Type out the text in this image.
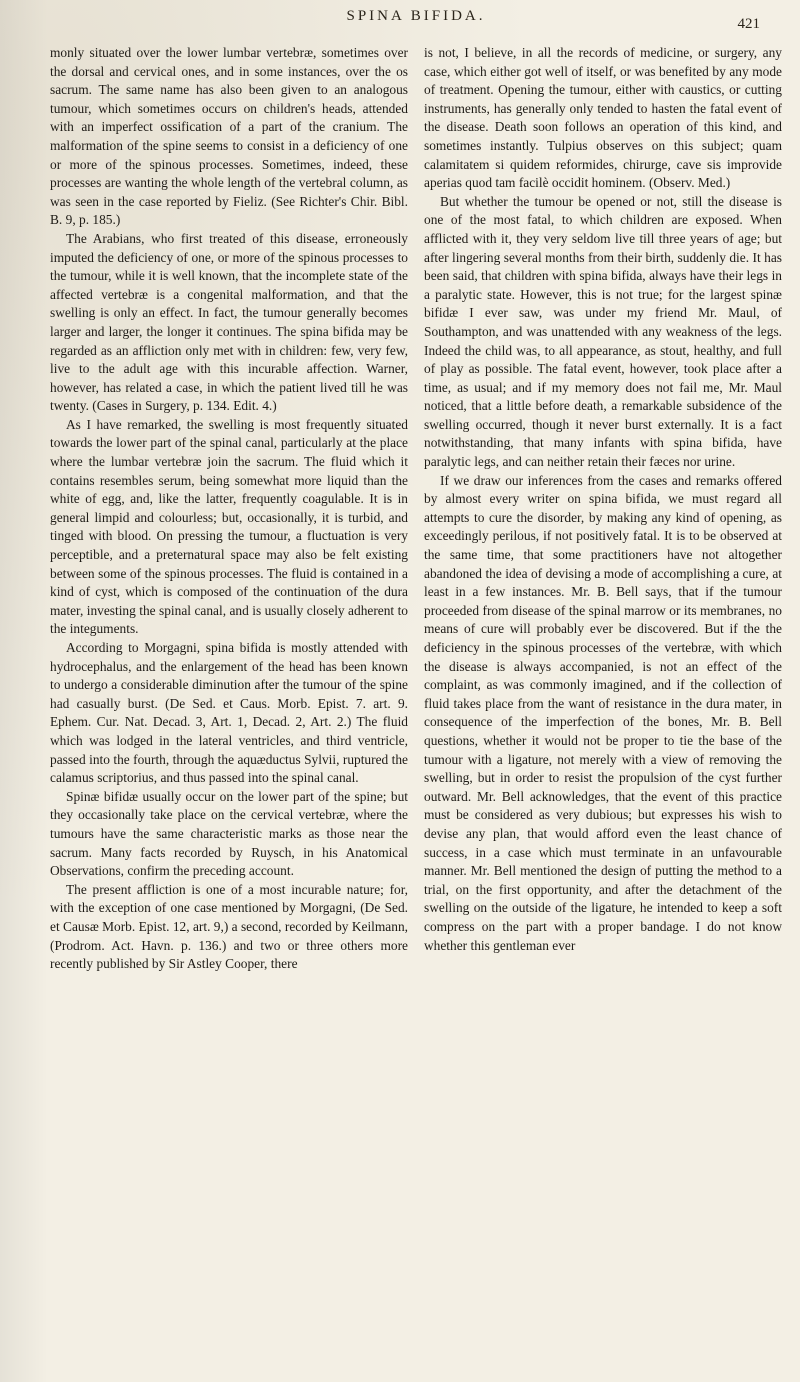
SPINA BIFIDA.	421

monly situated over the lower lumbar vertebræ, sometimes over the dorsal and cervical ones, and in some instances, over the os sacrum. The same name has also been given to an analogous tumour, which sometimes occurs on children's heads, attended with an imperfect ossification of a part of the cranium. The malformation of the spine seems to consist in a deficiency of one or more of the spinous processes. Sometimes, indeed, these processes are wanting the whole length of the vertebral column, as was seen in the case reported by Fieliz. (See Richter's Chir. Bibl. B. 9, p. 185.)

The Arabians, who first treated of this disease, erroneously imputed the deficiency of one, or more of the spinous processes to the tumour, while it is well known, that the incomplete state of the affected vertebræ is a congenital malformation, and that the swelling is only an effect. In fact, the tumour generally becomes larger and larger, the longer it continues. The spina bifida may be regarded as an affliction only met with in children: few, very few, live to the adult age with this incurable affection. Warner, however, has related a case, in which the patient lived till he was twenty. (Cases in Surgery, p. 134. Edit. 4.)

As I have remarked, the swelling is most frequently situated towards the lower part of the spinal canal, particularly at the place where the lumbar vertebræ join the sacrum. The fluid which it contains resembles serum, being somewhat more liquid than the white of egg, and, like the latter, frequently coagulable. It is in general limpid and colourless; but, occasionally, it is turbid, and tinged with blood. On pressing the tumour, a fluctuation is very perceptible, and a preternatural space may also be felt existing between some of the spinous processes. The fluid is contained in a kind of cyst, which is composed of the continuation of the dura mater, investing the spinal canal, and is usually closely adherent to the integuments.

According to Morgagni, spina bifida is mostly attended with hydrocephalus, and the enlargement of the head has been known to undergo a considerable diminution after the tumour of the spine had casually burst. (De Sed. et Caus. Morb. Epist. 7. art. 9. Ephem. Cur. Nat. Decad. 3, Art. 1, Decad. 2, Art. 2.) The fluid which was lodged in the lateral ventricles, and third ventricle, passed into the fourth, through the aquæductus Sylvii, ruptured the calamus scriptorius, and thus passed into the spinal canal.

Spinæ bifidæ usually occur on the lower part of the spine; but they occasionally take place on the cervical vertebræ, where the tumours have the same characteristic marks as those near the sacrum. Many facts recorded by Ruysch, in his Anatomical Observations, confirm the preceding account.

The present affliction is one of a most incurable nature; for, with the exception of one case mentioned by Morgagni, (De Sed. et Causæ Morb. Epist. 12, art. 9,) a second, recorded by Keilmann, (Prodrom. Act. Havn. p. 136.) and two or three others more recently published by Sir Astley Cooper, there

is not, I believe, in all the records of medicine, or surgery, any case, which either got well of itself, or was benefited by any mode of treatment. Opening the tumour, either with caustics, or cutting instruments, has generally only tended to hasten the fatal event of the disease. Death soon follows an operation of this kind, and sometimes instantly. Tulpius observes on this subject; quam calamitatem si quidem reformides, chirurge, cave sis improvide aperias quod tam facilè occidit hominem. (Observ. Med.)

But whether the tumour be opened or not, still the disease is one of the most fatal, to which children are exposed. When afflicted with it, they very seldom live till three years of age; but after lingering several months from their birth, suddenly die. It has been said, that children with spina bifida, always have their legs in a paralytic state. However, this is not true; for the largest spinæ bifidæ I ever saw, was under my friend Mr. Maul, of Southampton, and was unattended with any weakness of the legs. Indeed the child was, to all appearance, as stout, healthy, and full of play as possible. The fatal event, however, took place after a time, as usual; and if my memory does not fail me, Mr. Maul noticed, that a little before death, a remarkable subsidence of the swelling occurred, though it never burst externally. It is a fact notwithstanding, that many infants with spina bifida, have paralytic legs, and can neither retain their fæces nor urine.

If we draw our inferences from the cases and remarks offered by almost every writer on spina bifida, we must regard all attempts to cure the disorder, by making any kind of opening, as exceedingly perilous, if not positively fatal. It is to be observed at the same time, that some practitioners have not altogether abandoned the idea of devising a mode of accomplishing a cure, at least in a few instances. Mr. B. Bell says, that if the tumour proceeded from disease of the spinal marrow or its membranes, no means of cure will probably ever be discovered. But if the the deficiency in the spinous processes of the vertebræ, with which the disease is always accompanied, is not an effect of the complaint, as was commonly imagined, and if the collection of fluid takes place from the want of resistance in the dura mater, in consequence of the imperfection of the bones, Mr. B. Bell questions, whether it would not be proper to tie the base of the tumour with a ligature, not merely with a view of removing the swelling, but in order to resist the propulsion of the cyst further outward. Mr. Bell acknowledges, that the event of this practice must be considered as very dubious; but expresses his wish to devise any plan, that would afford even the least chance of success, in a case which must terminate in an unfavourable manner. Mr. Bell mentioned the design of putting the method to a trial, on the first opportunity, and after the detachment of the swelling on the outside of the ligature, he intended to keep a soft compress on the part with a proper bandage. I do not know whether this gentleman ever
